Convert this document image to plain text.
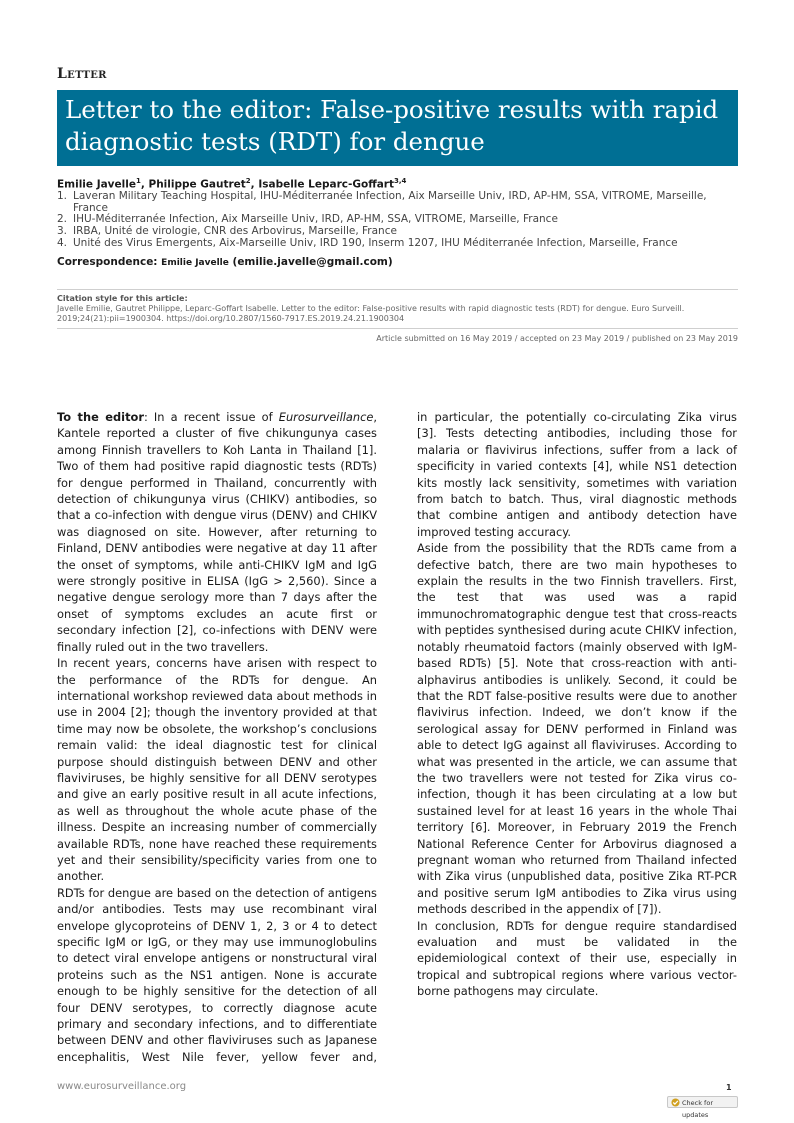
Letter
Letter to the editor: False-positive results with rapid diagnostic tests (RDT) for dengue
Emilie Javelle$^1$, Philippe Gautret$^2$, Isabelle Leparc-Goffart$^{3,4}$
1. Laveran Military Teaching Hospital, IHU-Méditerranée Infection, Aix Marseille Univ, IRD, AP-HM, SSA, VITROME, Marseille,
France
2. IHU-Méditerranée Infection, Aix Marseille Univ, IRD, AP-HM, SSA, VITROME, Marseille, France
3. IRBA, Unité de virologie, CNR des Arbovirus, Marseille, France
4. Unité des Virus Emergents, Aix-Marseille Univ, IRD 190, Inserm 1207, IHU Méditerranée Infection, Marseille, France
Correspondence: Emilie Javelle (emilie.javelle@gmail.com)
Citation style for this article:
Javelle Emilie, Gautret Philippe, Leparc-Goffart Isabelle. Letter to the editor: False-positive results with rapid diagnostic tests (RDT) for dengue. Euro Surveill.
2019;24(21):pii=1900304. https://doi.org/10.2807/1560-7917.ES.2019.24.21.1900304
Article submitted on 16 May 2019 / accepted on 23 May 2019 / published on 23 May 2019

To the editor: In a recent issue of Eurosurveillance, Kantele reported a cluster of five chikungunya cases among Finnish travellers to Koh Lanta in Thailand [1]. Two of them had positive rapid diagnostic tests (RDTs) for dengue performed in Thailand, concurrently with detection of chikungunya virus (CHIKV) antibodies, so that a co-infection with dengue virus (DENV) and CHIKV was diagnosed on site. However, after returning to Finland, DENV antibodies were negative at day 11 after the onset of symptoms, while anti-CHIKV IgM and IgG were strongly positive in ELISA (IgG > 2,560). Since a negative dengue serology more than 7 days after the onset of symptoms excludes an acute first or secondary infection [2], co-infections with DENV were finally ruled out in the two travellers.

In recent years, concerns have arisen with respect to the performance of the RDTs for dengue. An international workshop reviewed data about methods in use in 2004 [2]; though the inventory provided at that time may now be obsolete, the workshop’s conclusions remain valid: the ideal diagnostic test for clinical purpose should distinguish between DENV and other flaviviruses, be highly sensitive for all DENV serotypes and give an early positive result in all acute infections, as well as throughout the whole acute phase of the illness. Despite an increasing number of commercially available RDTs, none have reached these requirements yet and their sensibility/specificity varies from one to another.

RDTs for dengue are based on the detection of antigens and/or antibodies. Tests may use recombinant viral envelope glycoproteins of DENV 1, 2, 3 or 4 to detect specific IgM or IgG, or they may use immunoglobulins to detect viral envelope antigens or nonstructural viral proteins such as the NS1 antigen. None is accurate enough to be highly sensitive for the detection of all four DENV serotypes, to correctly diagnose acute primary and secondary infections, and to differentiate between DENV and other flaviviruses such as Japanese encephalitis, West Nile fever, yellow fever and,

in particular, the potentially co-circulating Zika virus [3]. Tests detecting antibodies, including those for malaria or flavivirus infections, suffer from a lack of specificity in varied contexts [4], while NS1 detection kits mostly lack sensitivity, sometimes with variation from batch to batch. Thus, viral diagnostic methods that combine antigen and antibody detection have improved testing accuracy.

Aside from the possibility that the RDTs came from a defective batch, there are two main hypotheses to explain the results in the two Finnish travellers. First, the test that was used was a rapid immunochromatographic dengue test that cross-reacts with peptides synthesised during acute CHIKV infection, notably rheumatoid factors (mainly observed with IgM-based RDTs) [5]. Note that cross-reaction with anti-alphavirus antibodies is unlikely. Second, it could be that the RDT false-positive results were due to another flavivirus infection. Indeed, we don’t know if the serological assay for DENV performed in Finland was able to detect IgG against all flaviviruses. According to what was presented in the article, we can assume that the two travellers were not tested for Zika virus co-infection, though it has been circulating at a low but sustained level for at least 16 years in the whole Thai territory [6]. Moreover, in February 2019 the French National Reference Center for Arbovirus diagnosed a pregnant woman who returned from Thailand infected with Zika virus (unpublished data, positive Zika RT-PCR and positive serum IgM antibodies to Zika virus using methods described in the appendix of [7]).

In conclusion, RDTs for dengue require standardised evaluation and must be validated in the epidemiological context of their use, especially in tropical and subtropical regions where various vector-borne pathogens may circulate.

www.eurosurveillance.org	1
Check for updates
